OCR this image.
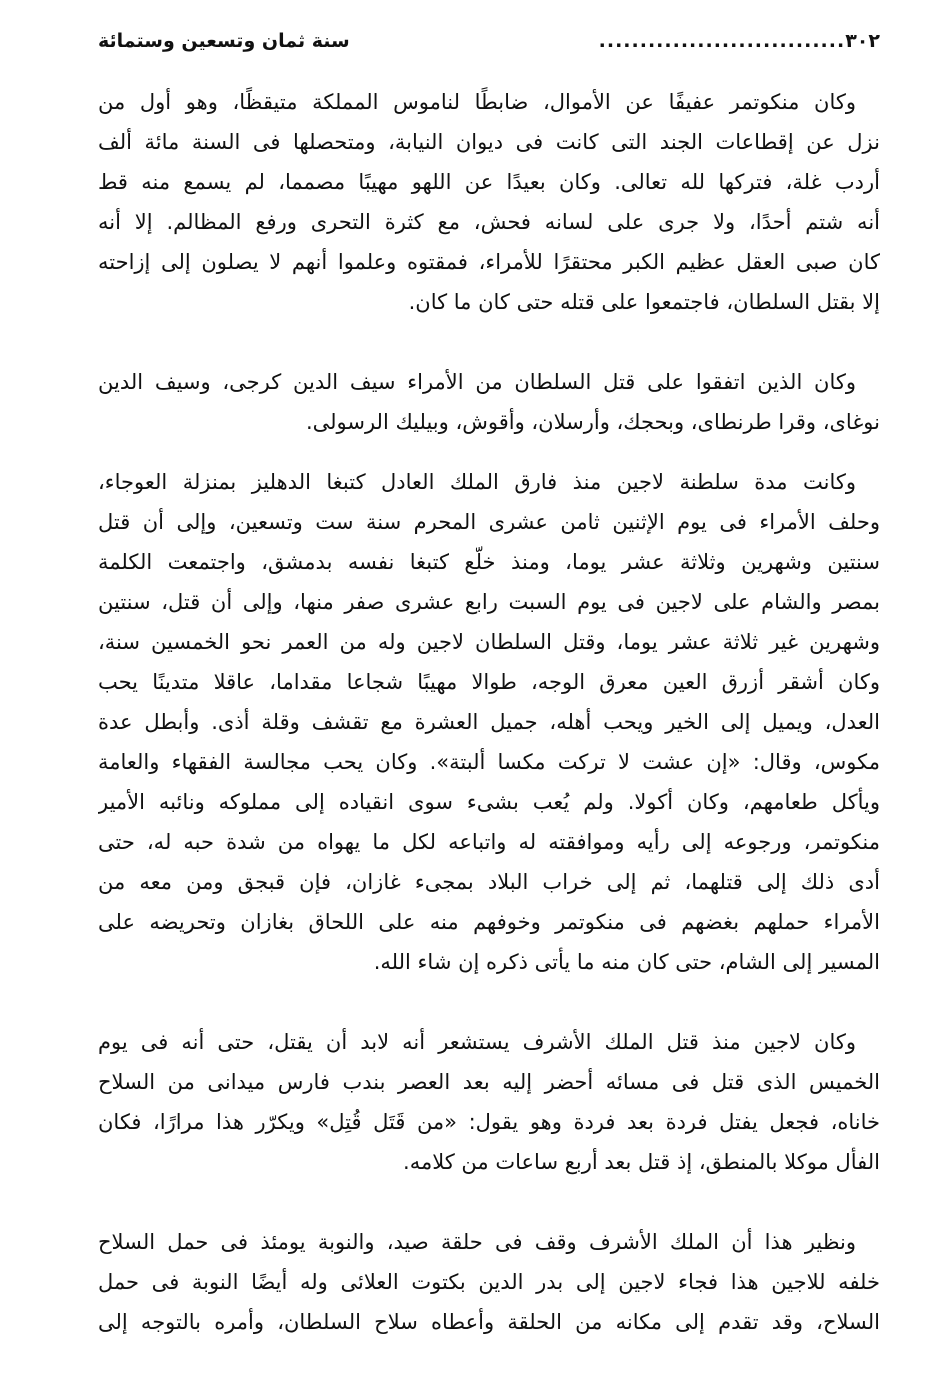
٣٠٢
..............................
سنة ثمان وتسعين وستمائة
وكان منكوتمر عفيفًا عن الأموال، ضابطًا لناموس المملكة متيقظًا، وهو أول من
نزل عن إقطاعات الجند التى كانت فى ديوان النيابة، ومتحصلها فى السنة مائة ألف
أردب غلة، فتركها لله تعالى. وكان بعيدًا عن اللهو مهيبًا مصمما، لم يسمع منه قط
أنه شتم أحدًا، ولا جرى على لسانه فحش، مع كثرة التحرى ورفع المظالم. إلا أنه
كان صبى العقل عظيم الكبر محتقرًا للأمراء، فمقتوه وعلموا أنهم لا يصلون إلى إزاحته
إلا بقتل السلطان، فاجتمعوا على قتله حتى كان ما كان.
وكان الذين اتفقوا على قتل السلطان من الأمراء سيف الدين كرجى، وسيف الدين
نوغاى، وقرا طرنطاى، وبحجك، وأرسلان، وأقوش، وبيليك الرسولى.
وكانت مدة سلطنة لاجين منذ فارق الملك العادل كتبغا الدهليز بمنزلة العوجاء،
وحلف الأمراء فى يوم الإثنين ثامن عشرى المحرم سنة ست وتسعين، وإلى أن قتل
سنتين وشهرين وثلاثة عشر يوما، ومنذ خلّع كتبغا نفسه بدمشق، واجتمعت الكلمة
بمصر والشام على لاجين فى يوم السبت رابع عشرى صفر منها، وإلى أن قتل، سنتين
وشهرين غير ثلاثة عشر يوما، وقتل السلطان لاجين وله من العمر نحو الخمسين سنة،
وكان أشقر أزرق العين معرق الوجه، طوالا مهيبًا شجاعا مقداما، عاقلا متدينًا يحب
العدل، ويميل إلى الخير ويحب أهله، جميل العشرة مع تقشف وقلة أذى. وأبطل عدة
مكوس، وقال: «إن عشت لا تركت مكسا ألبتة». وكان يحب مجالسة الفقهاء والعامة
ويأكل طعامهم، وكان أكولا. ولم يُعب بشىء سوى انقياده إلى مملوكه ونائبه الأمير
منكوتمر، ورجوعه إلى رأيه وموافقته له واتباعه لكل ما يهواه من شدة حبه له، حتى
أدى ذلك إلى قتلهما، ثم إلى خراب البلاد بمجىء غازان، فإن قبجق ومن معه من
الأمراء حملهم بغضهم فى منكوتمر وخوفهم منه على اللحاق بغازان وتحريضه على
المسير إلى الشام، حتى كان منه ما يأتى ذكره إن شاء الله.
وكان لاجين منذ قتل الملك الأشرف يستشعر أنه لابد أن يقتل، حتى أنه فى يوم
الخميس الذى قتل فى مسائه أحضر إليه بعد العصر بندب فارس ميدانى من السلاح
خاناه، فجعل يفتل فردة بعد فردة وهو يقول: «من قَتَل قُتِل» ويكرّر هذا مرارًا، فكان
الفأل موكلا بالمنطق، إذ قتل بعد أربع ساعات من كلامه.
ونظير هذا أن الملك الأشرف وقف فى حلقة صيد، والنوبة يومئذ فى حمل السلاح
خلفه للاجين هذا فجاء لاجين إلى بدر الدين بكتوت العلائى وله أيضًا النوبة فى حمل
السلاح، وقد تقدم إلى مكانه من الحلقة وأعطاه سلاح السلطان، وأمره بالتوجه إلى
